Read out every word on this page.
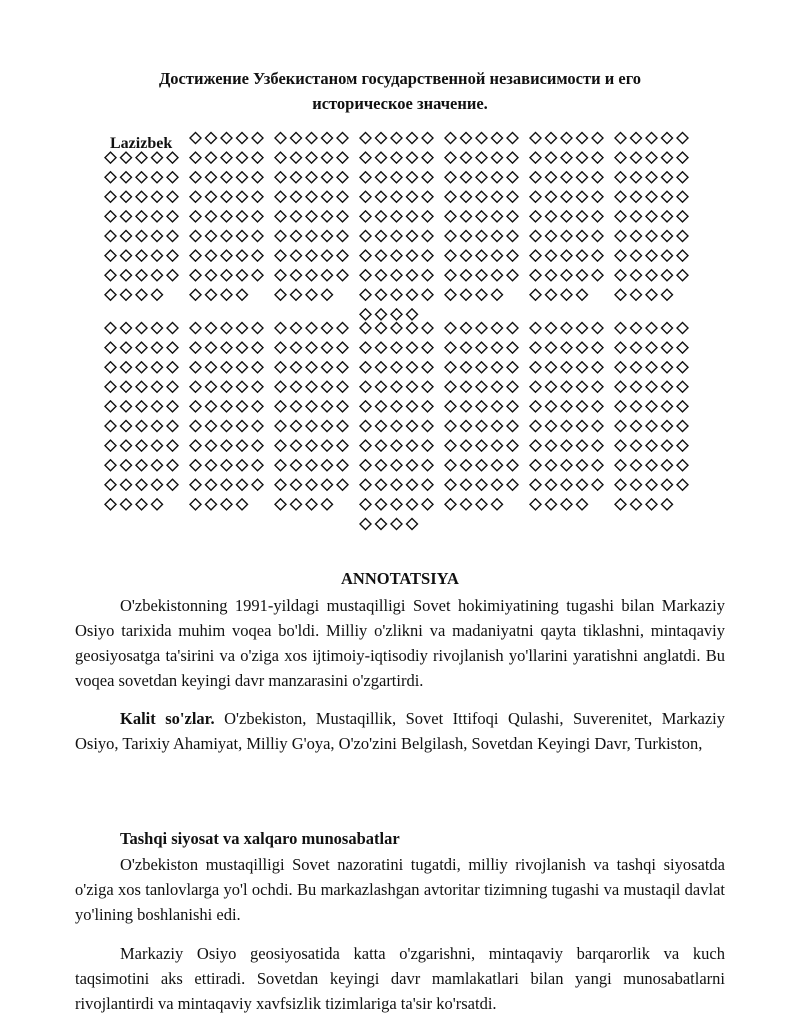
Достижение Узбекистаном государственной независимости и его
историческое значение.
Lazizbek
ANNOTATSIYA

O'zbekistonning 1991-yildagi mustaqilligi Sovet hokimiyatining tugashi bilan Markaziy Osiyo tarixida muhim voqea bo'ldi. Milliy o'zlikni va madaniyatni qayta tiklashni, mintaqaviy geosiyosatga ta'sirini va o'ziga xos ijtimoiy-iqtisodiy rivojlanish yo'llarini yaratishni anglatdi. Bu voqea sovetdan keyingi davr manzarasini o'zgartirdi.

Kalit so'zlar. O'zbekiston, Mustaqillik, Sovet Ittifoqi Qulashi, Suverenitet, Markaziy Osiyo, Tarixiy Ahamiyat, Milliy G'oya, O'zo'zini Belgilash, Sovetdan Keyingi Davr, Turkiston,

Tashqi siyosat va xalqaro munosabatlar

O'zbekiston mustaqilligi Sovet nazoratini tugatdi, milliy rivojlanish va tashqi siyosatda o'ziga xos tanlovlarga yo'l ochdi. Bu markazlashgan avtoritar tizimning tugashi va mustaqil davlat yo'lining boshlanishi edi.

Markaziy Osiyo geosiyosatida katta o'zgarishni, mintaqaviy barqarorlik va kuch taqsimotini aks ettiradi. Sovetdan keyingi davr mamlakatlari bilan yangi munosabatlarni rivojlantirdi va mintaqaviy xavfsizlik tizimlariga ta'sir ko'rsatdi.
